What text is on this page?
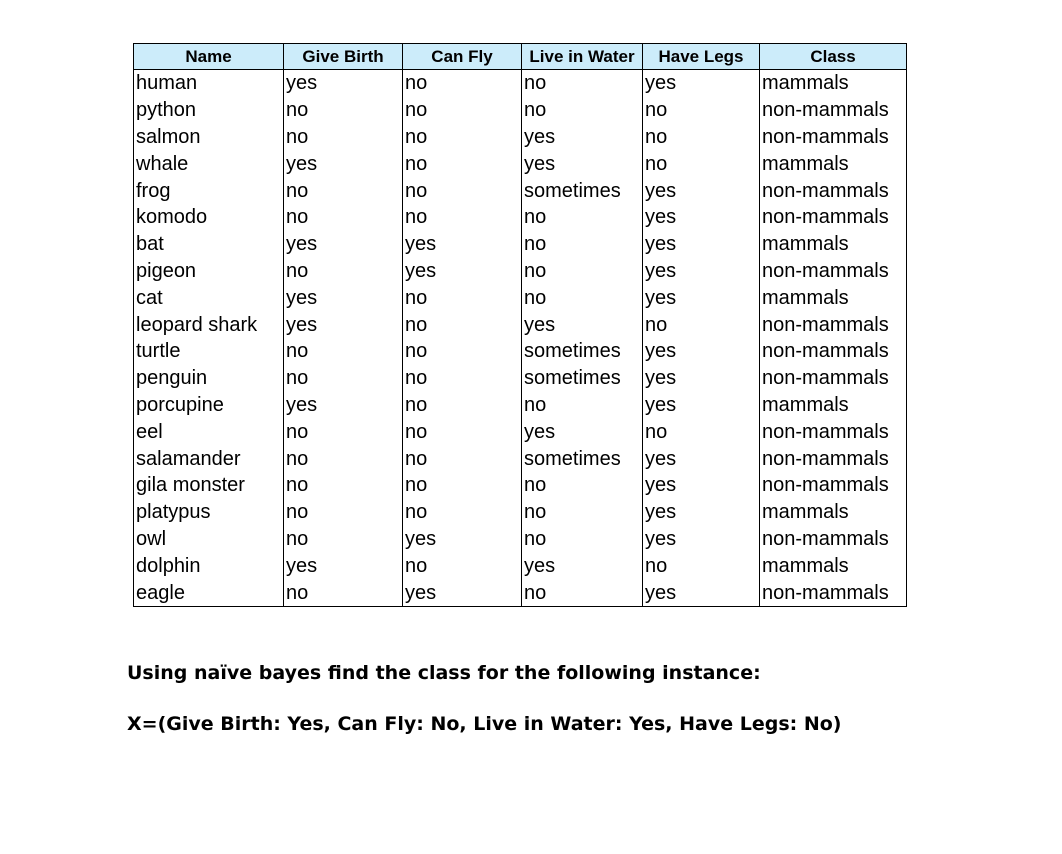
Name	Give Birth	Can Fly	Live in Water	Have Legs	Class
human	yes	no	no	yes	mammals
python	no	no	no	no	non-mammals
salmon	no	no	yes	no	non-mammals
whale	yes	no	yes	no	mammals
frog	no	no	sometimes	yes	non-mammals
komodo	no	no	no	yes	non-mammals
bat	yes	yes	no	yes	mammals
pigeon	no	yes	no	yes	non-mammals
cat	yes	no	no	yes	mammals
leopard shark	yes	no	yes	no	non-mammals
turtle	no	no	sometimes	yes	non-mammals
penguin	no	no	sometimes	yes	non-mammals
porcupine	yes	no	no	yes	mammals
eel	no	no	yes	no	non-mammals
salamander	no	no	sometimes	yes	non-mammals
gila monster	no	no	no	yes	non-mammals
platypus	no	no	no	yes	mammals
owl	no	yes	no	yes	non-mammals
dolphin	yes	no	yes	no	mammals
eagle	no	yes	no	yes	non-mammals
Using naïve bayes find the class for the following instance:
X=(Give Birth: Yes, Can Fly: No, Live in Water: Yes, Have Legs: No)
